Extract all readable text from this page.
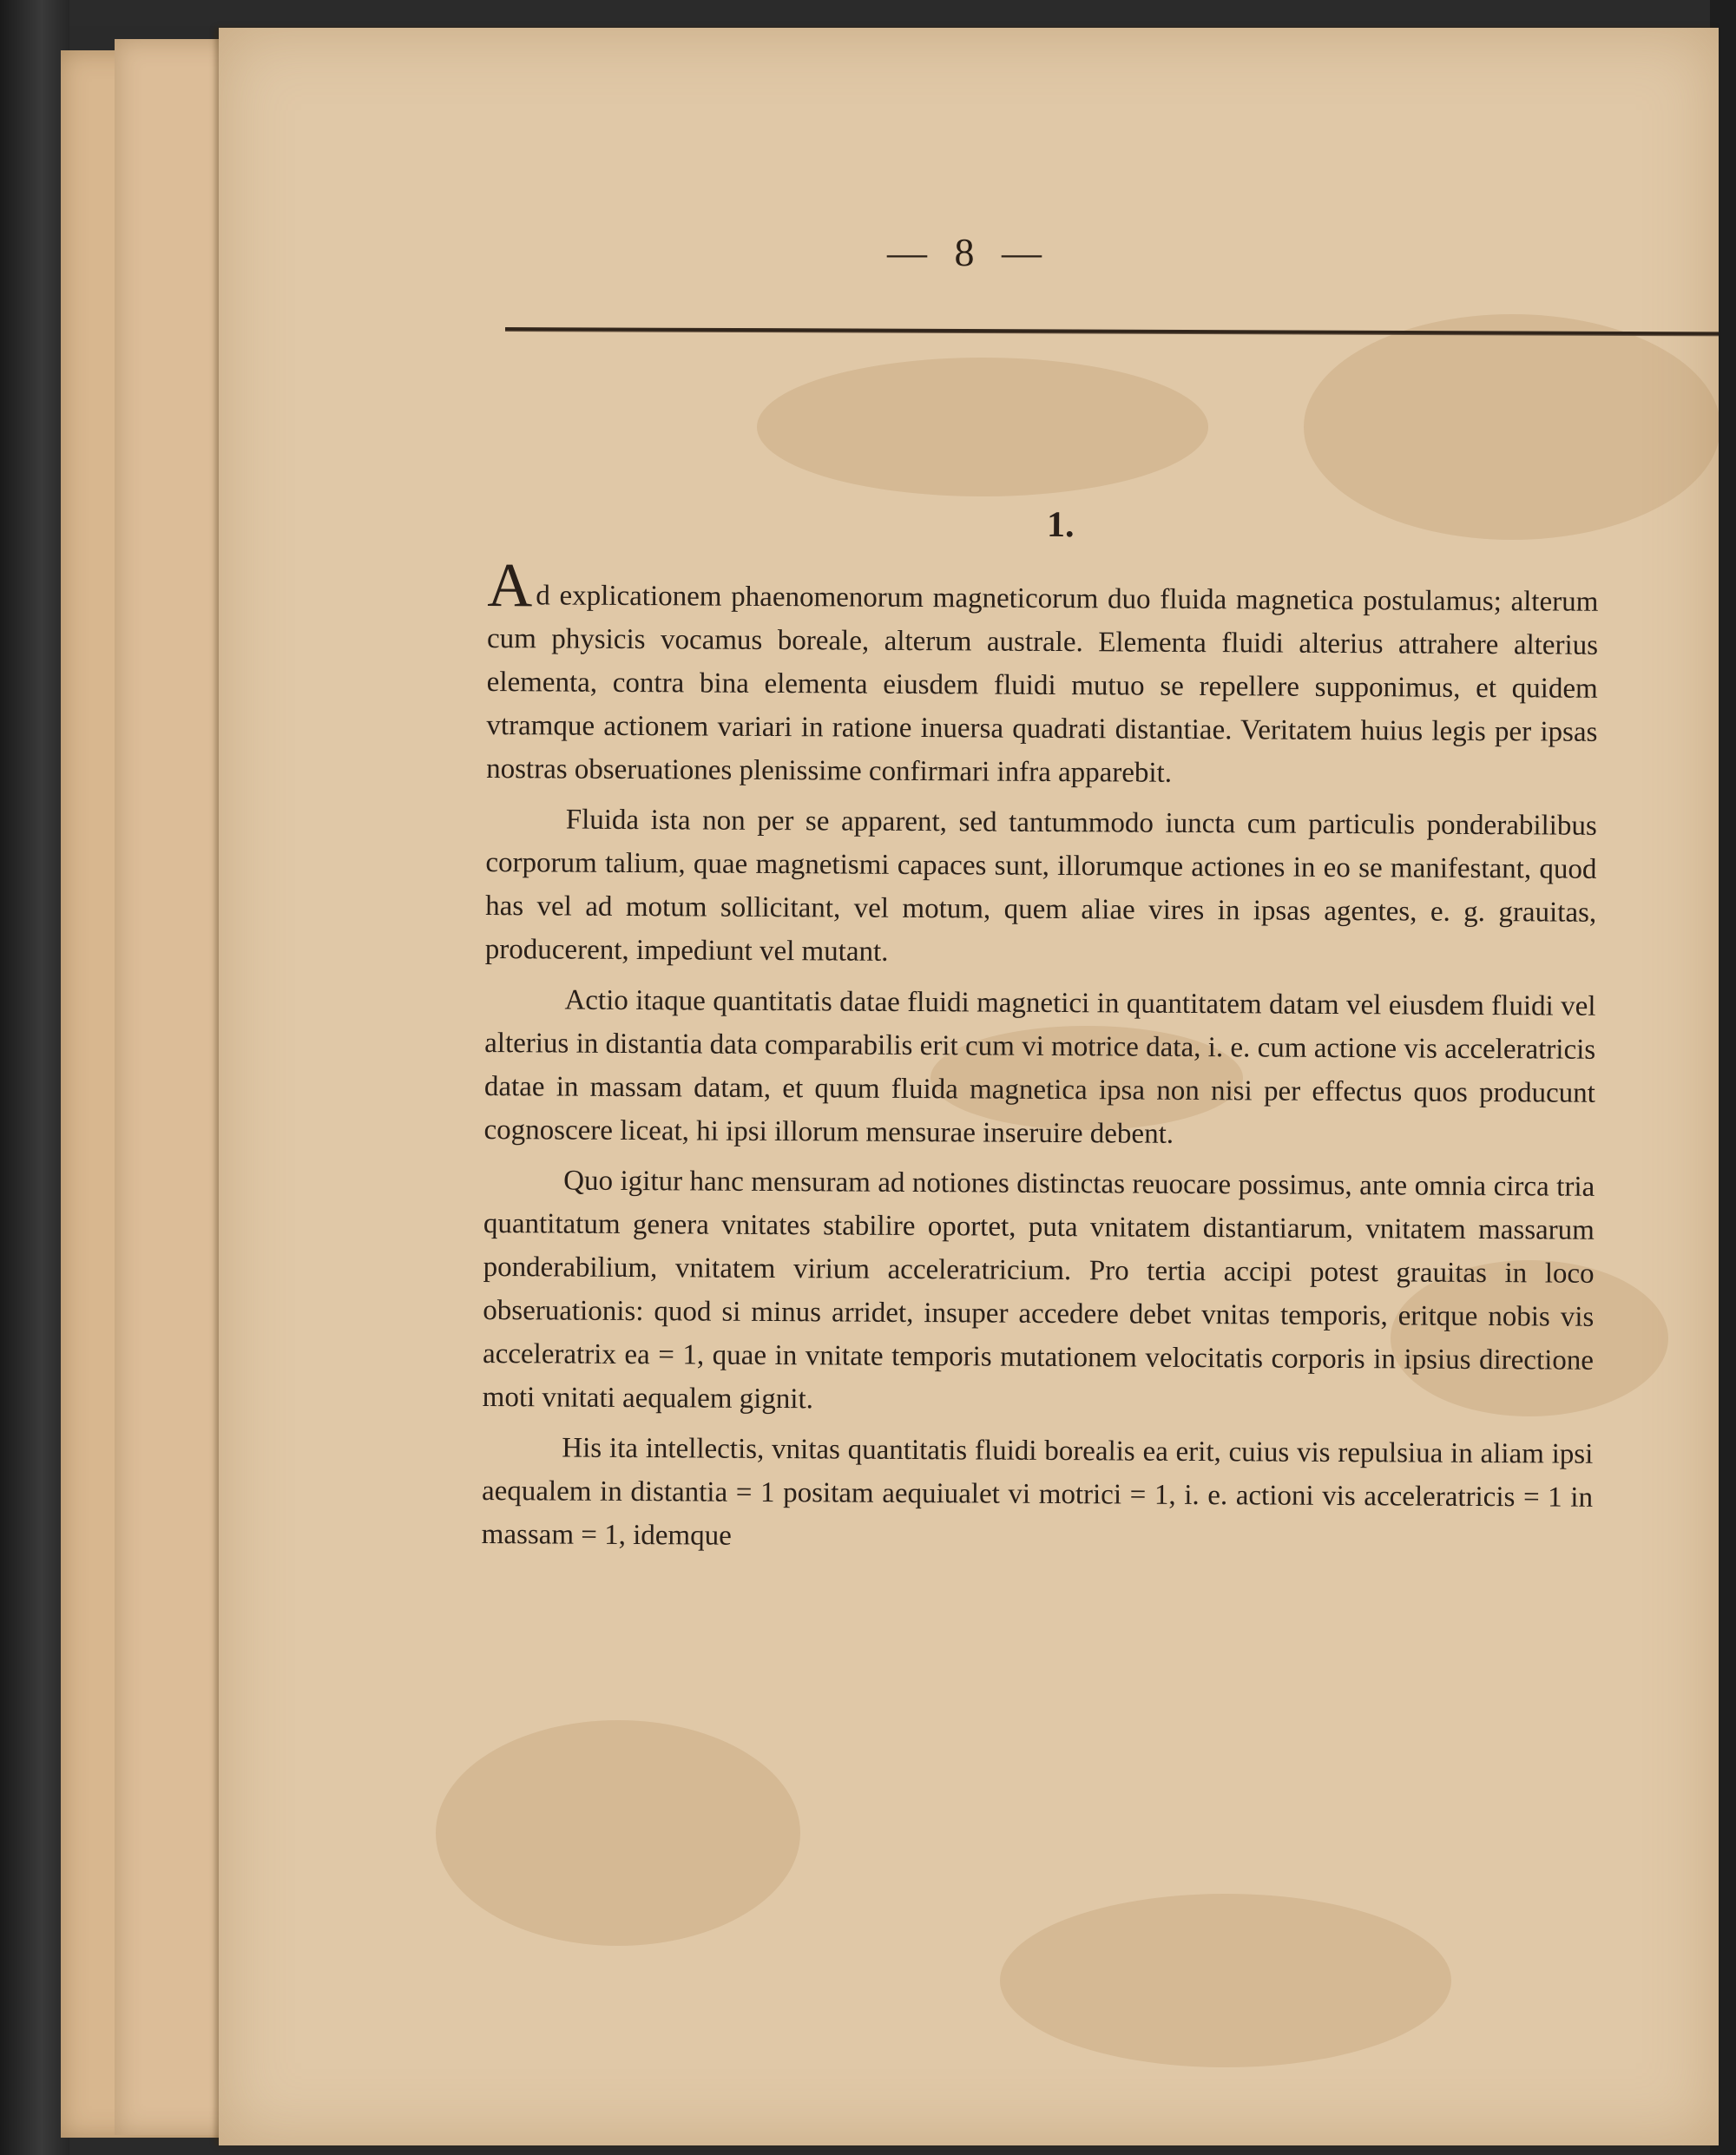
— 8 —
1.

Ad explicationem phaenomenorum magneticorum duo fluida magnetica postulamus; alterum cum physicis vocamus boreale, alterum australe. Elementa fluidi alterius attrahere alterius elementa, contra bina elementa eiusdem fluidi mutuo se repellere supponimus, et quidem vtramque actionem variari in ratione inuersa quadrati distantiae. Veritatem huius legis per ipsas nostras obseruationes plenissime confirmari infra apparebit.

Fluida ista non per se apparent, sed tantummodo iuncta cum particulis ponderabilibus corporum talium, quae magnetismi capaces sunt, illorumque actiones in eo se manifestant, quod has vel ad motum sollicitant, vel motum, quem aliae vires in ipsas agentes, e. g. grauitas, producerent, impediunt vel mutant.

Actio itaque quantitatis datae fluidi magnetici in quantitatem datam vel eiusdem fluidi vel alterius in distantia data comparabilis erit cum vi motrice data, i. e. cum actione vis acceleratricis datae in massam datam, et quum fluida magnetica ipsa non nisi per effectus quos producunt cognoscere liceat, hi ipsi illorum mensurae inseruire debent.

Quo igitur hanc mensuram ad notiones distinctas reuocare possimus, ante omnia circa tria quantitatum genera vnitates stabilire oportet, puta vnitatem distantiarum, vnitatem massarum ponderabilium, vnitatem virium acceleratricium. Pro tertia accipi potest grauitas in loco obseruationis: quod si minus arridet, insuper accedere debet vnitas temporis, eritque nobis vis acceleratrix ea = 1, quae in vnitate temporis mutationem velocitatis corporis in ipsius directione moti vnitati aequalem gignit.

His ita intellectis, vnitas quantitatis fluidi borealis ea erit, cuius vis repulsiua in aliam ipsi aequalem in distantia = 1 positam aequiualet vi motrici = 1, i. e. actioni vis acceleratricis = 1 in massam = 1, idemque
